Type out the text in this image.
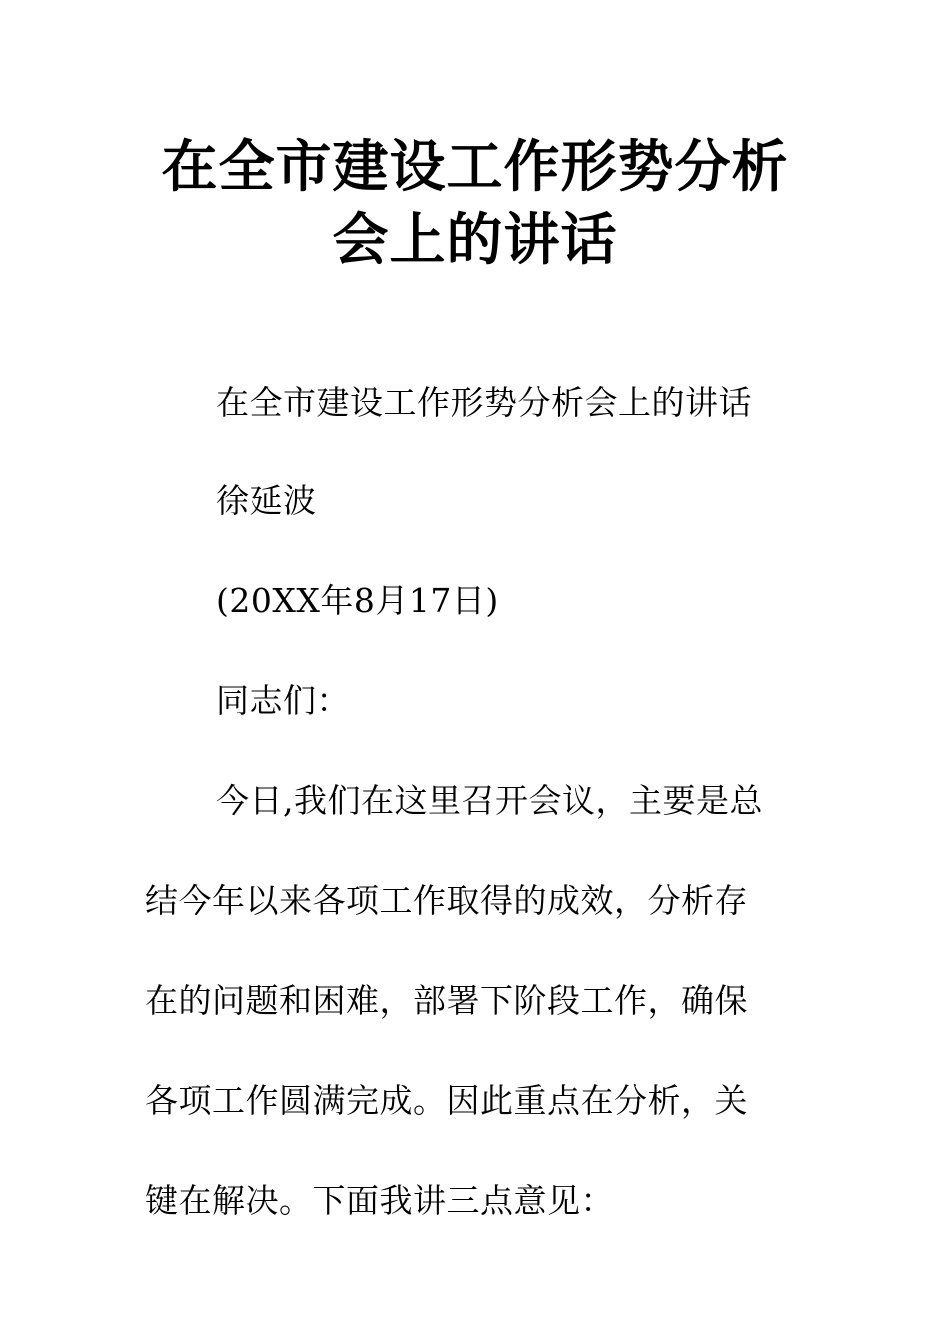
在全市建设工作形势分析
会上的讲话
在全市建设工作形势分析会上的讲话
徐延波
(20XX年8月17日)
同志们：
今日,我们在这里召开会议，主要是总
结今年以来各项工作取得的成效，分析存
在的问题和困难，部署下阶段工作，确保
各项工作圆满完成。因此重点在分析，关
键在解决。下面我讲三点意见：
